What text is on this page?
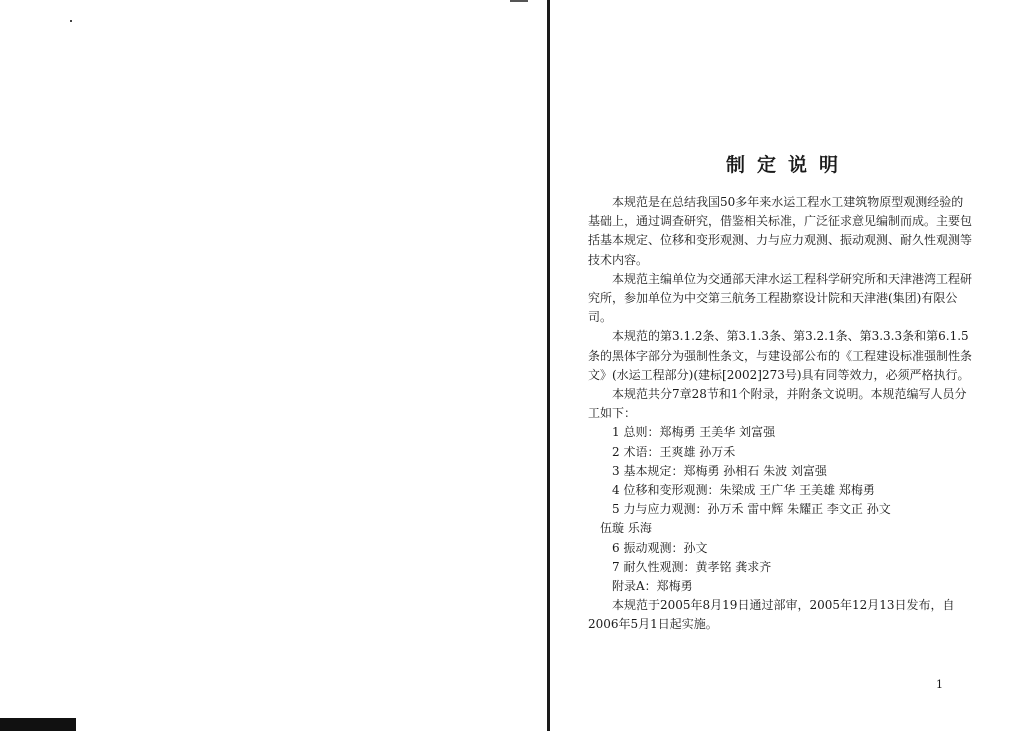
制定说明

本规范是在总结我国50多年来水运工程水工建筑物原型观测经验的基础上，通过调查研究，借鉴相关标准，广泛征求意见编制而成。主要包括基本规定、位移和变形观测、力与应力观测、振动观测、耐久性观测等技术内容。

本规范主编单位为交通部天津水运工程科学研究所和天津港湾工程研究所，参加单位为中交第三航务工程勘察设计院和天津港(集团)有限公司。

本规范的第3.1.2条、第3.1.3条、第3.2.1条、第3.3.3条和第6.1.5条的黑体字部分为强制性条文，与建设部公布的《工程建设标准强制性条文》(水运工程部分)(建标[2002]273号)具有同等效力，必须严格执行。

本规范共分7章28节和1个附录，并附条文说明。本规范编写人员分工如下：

1 总则：郑梅勇 王美华 刘富强

2 术语：王爽雄 孙万禾

3 基本规定：郑梅勇 孙相石 朱波 刘富强

4 位移和变形观测：朱梁成 王广华 王美雄 郑梅勇

5 力与应力观测：孙万禾 雷中辉 朱耀正 李文正 孙文

伍璇 乐海

6 振动观测：孙文

7 耐久性观测：黄孝铭 龚求齐

附录A：郑梅勇

本规范于2005年8月19日通过部审，2005年12月13日发布，自2006年5月1日起实施。

1
